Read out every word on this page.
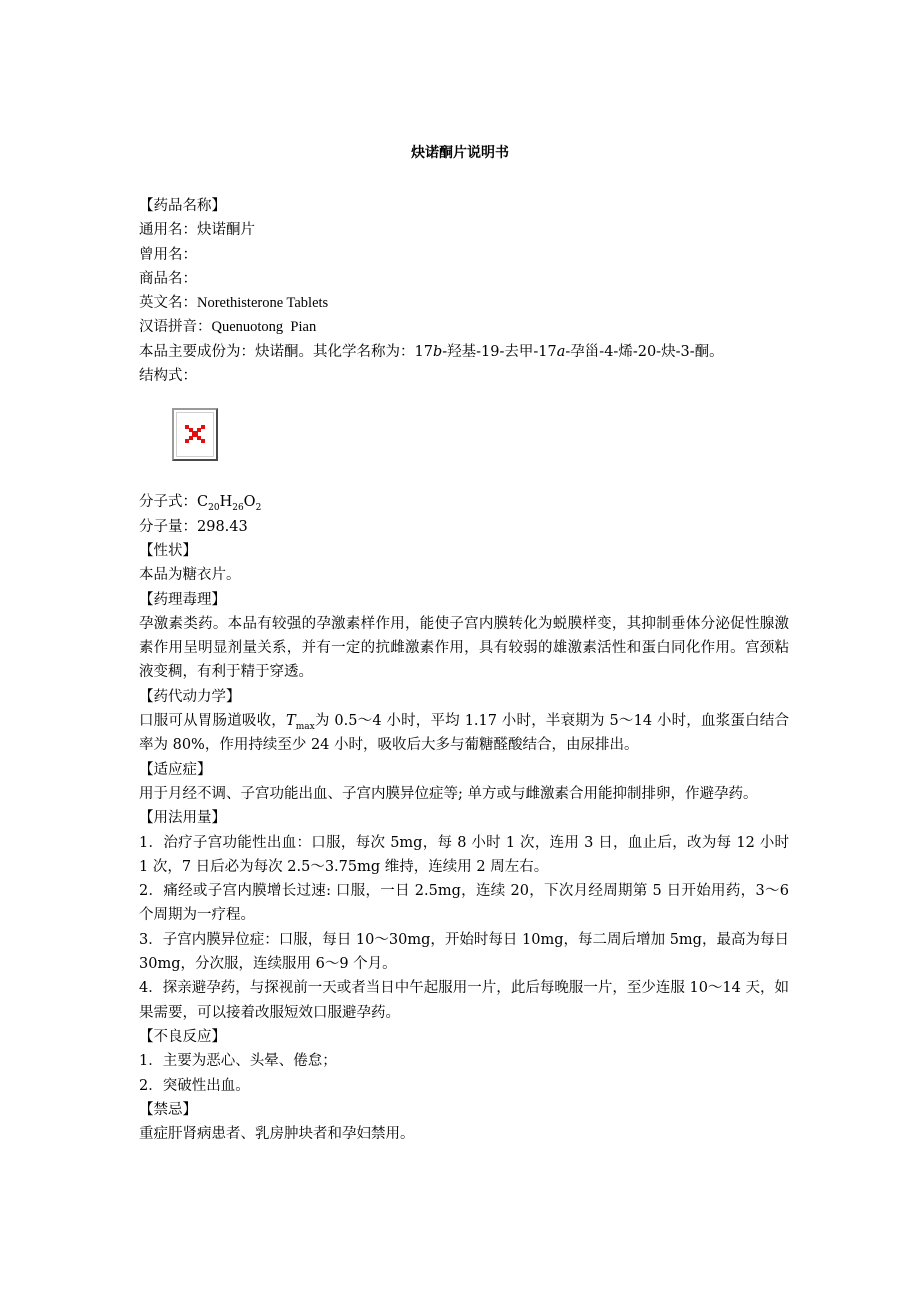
炔诺酮片说明书

【药品名称】

通用名：炔诺酮片

曾用名：

商品名：

英文名：Norethisterone Tablets

汉语拼音：Quenuotong  Pian

本品主要成份为：炔诺酮。其化学名称为：17b-羟基-19-去甲-17a-孕甾-4-烯-20-炔-3-酮。

结构式：

分子式：$C_{20}H_{26}O_2$

分子量：298.43

【性状】

本品为糖衣片。

【药理毒理】

孕激素类药。本品有较强的孕激素样作用，能使子宫内膜转化为蜕膜样变，其抑制垂体分泌促性腺激素作用呈明显剂量关系，并有一定的抗雌激素作用，具有较弱的雄激素活性和蛋白同化作用。宫颈粘液变稠，有利于精于穿透。

【药代动力学】

口服可从胃肠道吸收，$T_{max}$为 0.5～4 小时，平均 1.17 小时，半衰期为 5～14 小时，血浆蛋白结合率为 80%，作用持续至少 24 小时，吸收后大多与葡糖醛酸结合，由尿排出。

【适应症】

用于月经不调、子宫功能出血、子宫内膜异位症等; 单方或与雌激素合用能抑制排卵，作避孕药。

【用法用量】

1．治疗子宫功能性出血：口服，每次 5mg，每 8 小时 1 次，连用 3 日，血止后，改为每 12 小时 1 次，7 日后必为每次 2.5～3.75mg 维持，连续用 2 周左右。

2．痛经或子宫内膜增长过速: 口服，一日 2.5mg，连续 20，下次月经周期第 5 日开始用药，3～6 个周期为一疗程。

3．子宫内膜异位症：口服，每日 10～30mg，开始时每日 10mg，每二周后增加 5mg，最高为每日 30mg，分次服，连续服用 6～9 个月。

4．探亲避孕药，与探视前一天或者当日中午起服用一片，此后每晚服一片，至少连服 10～14 天，如果需要，可以接着改服短效口服避孕药。

【不良反应】

1．主要为恶心、头晕、倦怠；

2．突破性出血。

【禁忌】

重症肝肾病患者、乳房肿块者和孕妇禁用。
